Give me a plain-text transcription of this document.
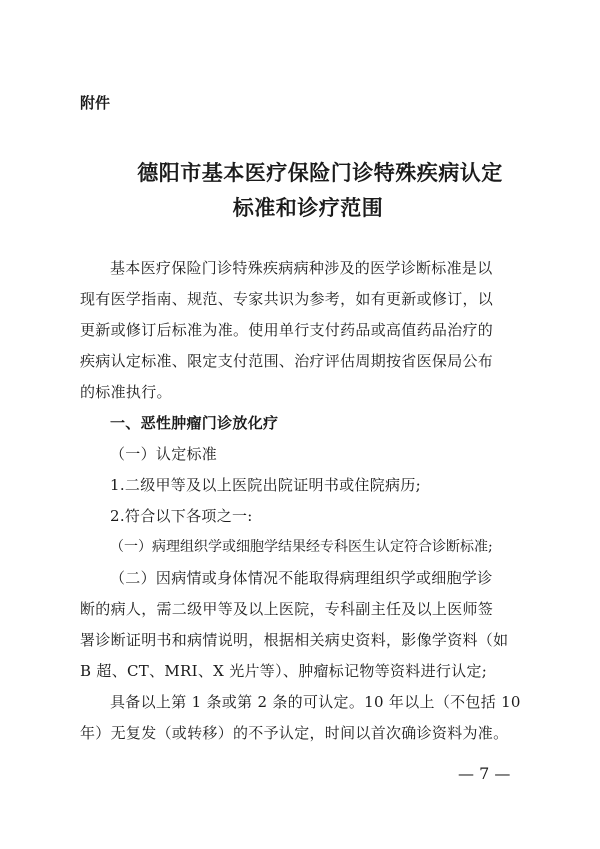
附件
德阳市基本医疗保险门诊特殊疾病认定
标准和诊疗范围
基本医疗保险门诊特殊疾病病种涉及的医学诊断标准是以
现有医学指南、规范、专家共识为参考，如有更新或修订，以
更新或修订后标准为准。使用单行支付药品或高值药品治疗的
疾病认定标准、限定支付范围、治疗评估周期按省医保局公布
的标准执行。
一、恶性肿瘤门诊放化疗
（一）认定标准
1.二级甲等及以上医院出院证明书或住院病历;
2.符合以下各项之一:
（一）病理组织学或细胞学结果经专科医生认定符合诊断标准;
（二）因病情或身体情况不能取得病理组织学或细胞学诊
断的病人，需二级甲等及以上医院，专科副主任及以上医师签
署诊断证明书和病情说明，根据相关病史资料，影像学资料（如
B 超、CT、MRI、X 光片等）、肿瘤标记物等资料进行认定;
具备以上第 1 条或第 2 条的可认定。10 年以上（不包括 10
年）无复发（或转移）的不予认定，时间以首次确诊资料为准。
— 7 —
